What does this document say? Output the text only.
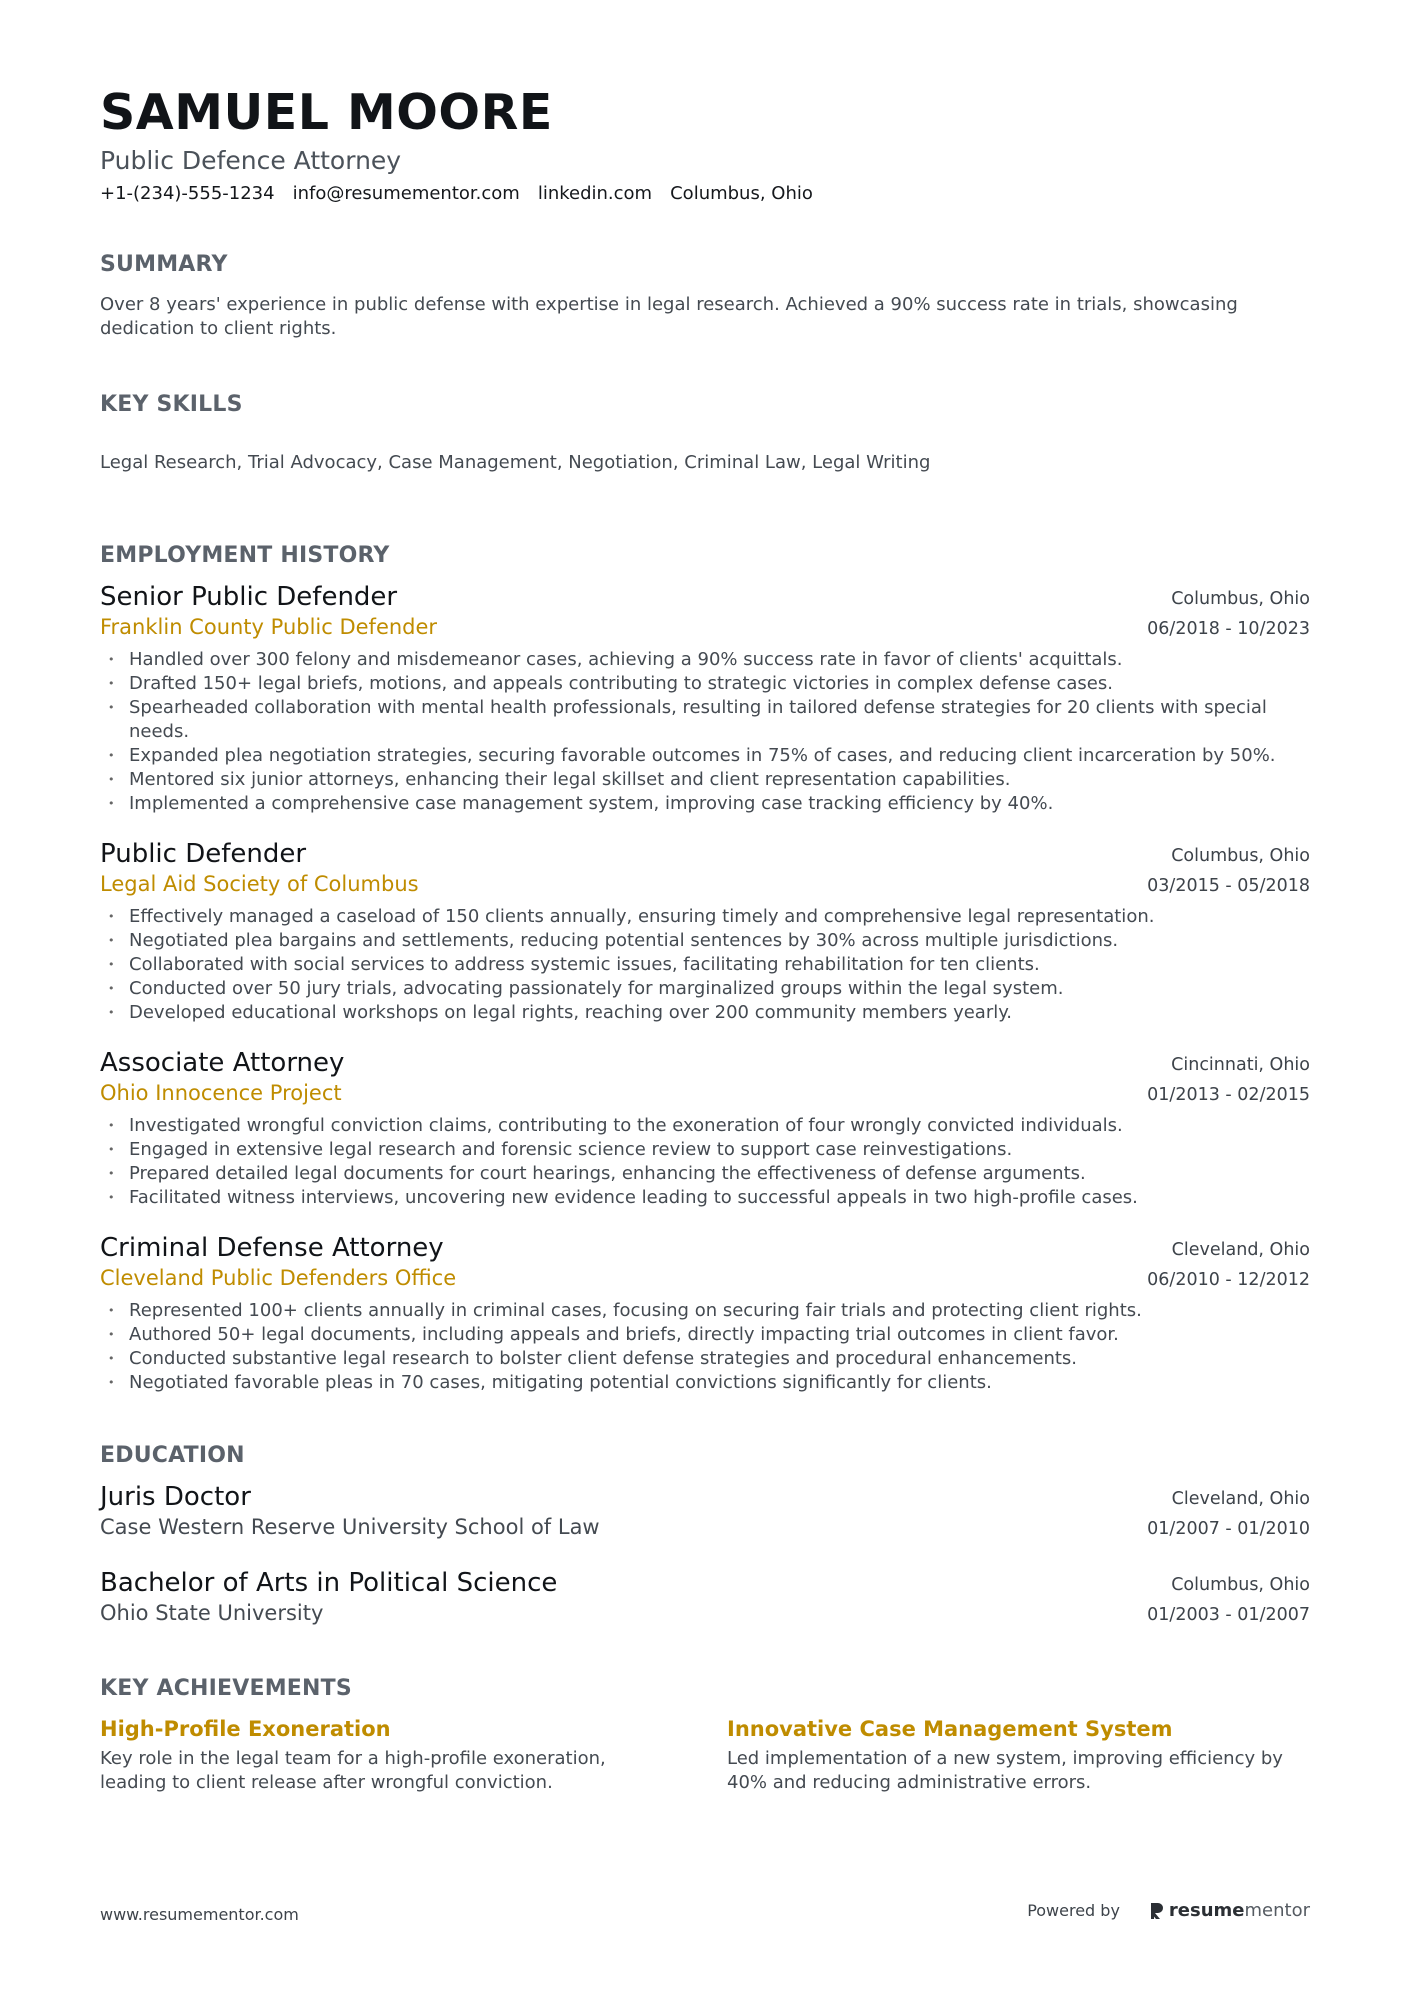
SAMUEL MOORE
Public Defence Attorney
+1-(234)-555-1234 info@resumementor.com linkedin.com Columbus, Ohio
SUMMARY
Over 8 years' experience in public defense with expertise in legal research. Achieved a 90% success rate in trials, showcasing dedication to client rights.
KEY SKILLS
Legal Research, Trial Advocacy, Case Management, Negotiation, Criminal Law, Legal Writing
EMPLOYMENT HISTORY
Senior Public Defender
Franklin County Public Defender
Columbus, Ohio
06/2018 - 10/2023
• Handled over 300 felony and misdemeanor cases, achieving a 90% success rate in favor of clients' acquittals.
• Drafted 150+ legal briefs, motions, and appeals contributing to strategic victories in complex defense cases.
• Spearheaded collaboration with mental health professionals, resulting in tailored defense strategies for 20 clients with special needs.
• Expanded plea negotiation strategies, securing favorable outcomes in 75% of cases, and reducing client incarceration by 50%.
• Mentored six junior attorneys, enhancing their legal skillset and client representation capabilities.
• Implemented a comprehensive case management system, improving case tracking efficiency by 40%.
Public Defender
Legal Aid Society of Columbus
Columbus, Ohio
03/2015 - 05/2018
• Effectively managed a caseload of 150 clients annually, ensuring timely and comprehensive legal representation.
• Negotiated plea bargains and settlements, reducing potential sentences by 30% across multiple jurisdictions.
• Collaborated with social services to address systemic issues, facilitating rehabilitation for ten clients.
• Conducted over 50 jury trials, advocating passionately for marginalized groups within the legal system.
• Developed educational workshops on legal rights, reaching over 200 community members yearly.
Associate Attorney
Ohio Innocence Project
Cincinnati, Ohio
01/2013 - 02/2015
• Investigated wrongful conviction claims, contributing to the exoneration of four wrongly convicted individuals.
• Engaged in extensive legal research and forensic science review to support case reinvestigations.
• Prepared detailed legal documents for court hearings, enhancing the effectiveness of defense arguments.
• Facilitated witness interviews, uncovering new evidence leading to successful appeals in two high-profile cases.
Criminal Defense Attorney
Cleveland Public Defenders Office
Cleveland, Ohio
06/2010 - 12/2012
• Represented 100+ clients annually in criminal cases, focusing on securing fair trials and protecting client rights.
• Authored 50+ legal documents, including appeals and briefs, directly impacting trial outcomes in client favor.
• Conducted substantive legal research to bolster client defense strategies and procedural enhancements.
• Negotiated favorable pleas in 70 cases, mitigating potential convictions significantly for clients.
EDUCATION
Juris Doctor
Case Western Reserve University School of Law
Cleveland, Ohio
01/2007 - 01/2010
Bachelor of Arts in Political Science
Ohio State University
Columbus, Ohio
01/2003 - 01/2007
KEY ACHIEVEMENTS
High-Profile Exoneration
Key role in the legal team for a high-profile exoneration, leading to client release after wrongful conviction.
Innovative Case Management System
Led implementation of a new system, improving efficiency by 40% and reducing administrative errors.
www.resumementor.com	Powered by	resume mentor
